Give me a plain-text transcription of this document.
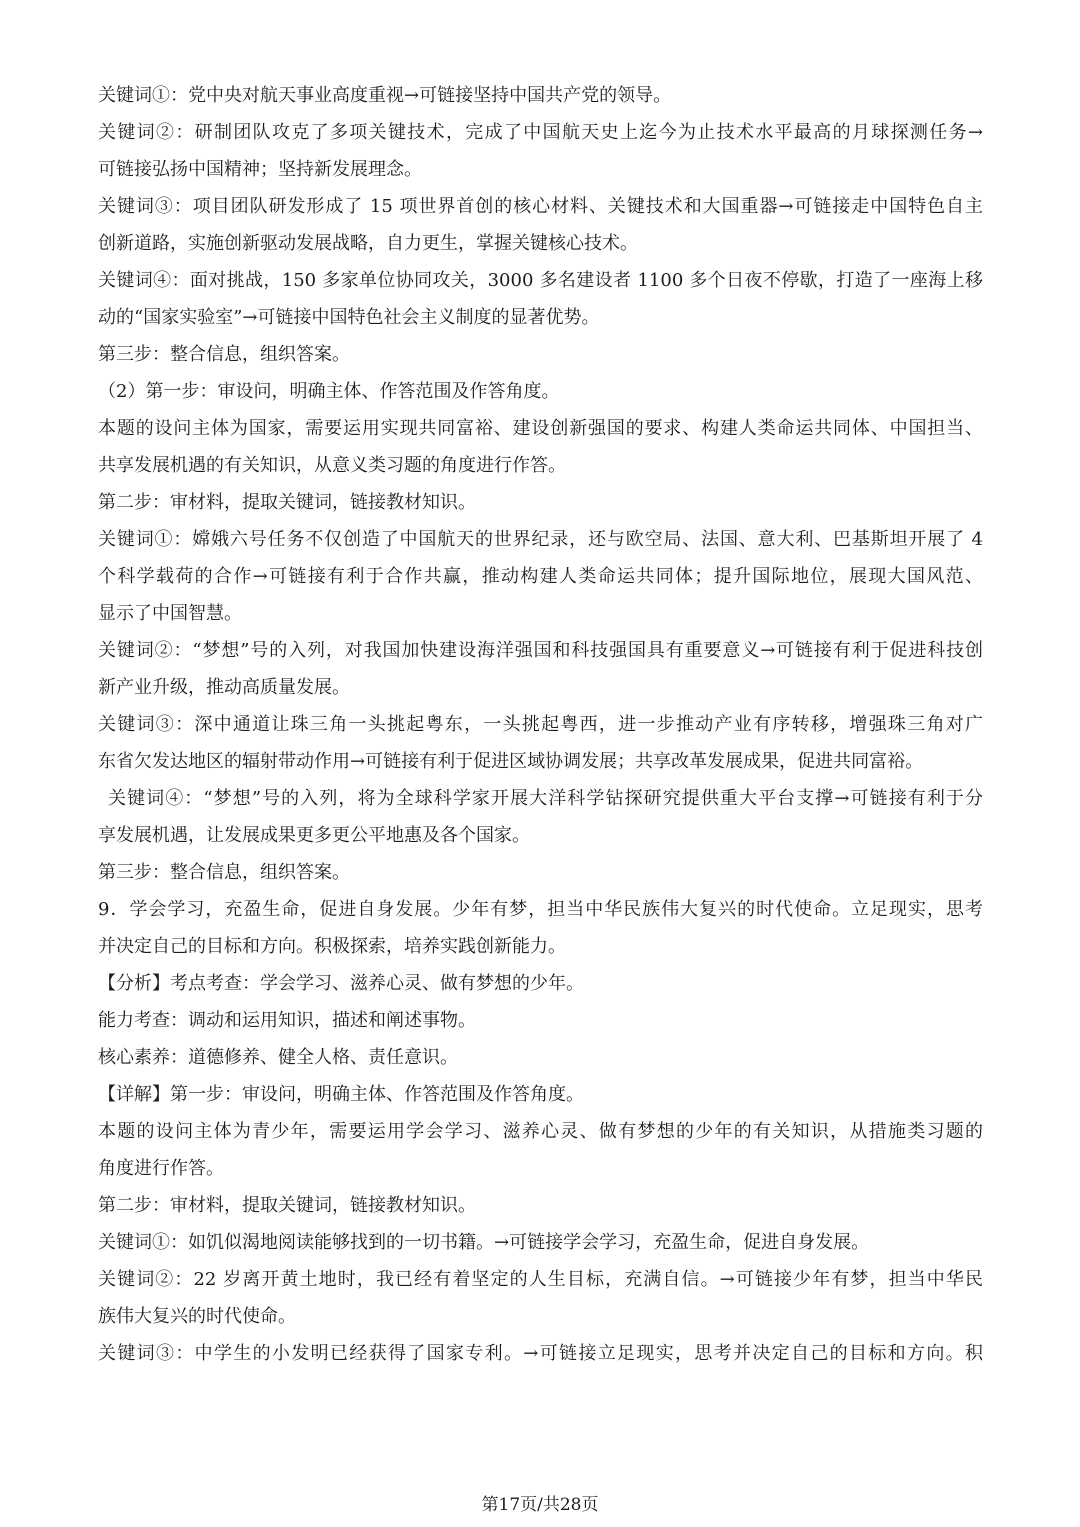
关键词①：党中央对航天事业高度重视→可链接坚持中国共产党的领导。
关键词②：研制团队攻克了多项关键技术，完成了中国航天史上迄今为止技术水平最高的月球探测任务→
可链接弘扬中国精神；坚持新发展理念。
关键词③：项目团队研发形成了 15 项世界首创的核心材料、关键技术和大国重器→可链接走中国特色自主
创新道路，实施创新驱动发展战略，自力更生，掌握关键核心技术。
关键词④：面对挑战，150 多家单位协同攻关，3000 多名建设者 1100 多个日夜不停歇，打造了一座海上移
动的“国家实验室”→可链接中国特色社会主义制度的显著优势。
第三步：整合信息，组织答案。
（2）第一步：审设问，明确主体、作答范围及作答角度。
本题的设问主体为国家，需要运用实现共同富裕、建设创新强国的要求、构建人类命运共同体、中国担当、
共享发展机遇的有关知识，从意义类习题的角度进行作答。
第二步：审材料，提取关键词，链接教材知识。
关键词①：嫦娥六号任务不仅创造了中国航天的世界纪录，还与欧空局、法国、意大利、巴基斯坦开展了 4
个科学载荷的合作→可链接有利于合作共赢，推动构建人类命运共同体；提升国际地位，展现大国风范、
显示了中国智慧。
关键词②：“梦想”号的入列，对我国加快建设海洋强国和科技强国具有重要意义→可链接有利于促进科技创
新产业升级，推动高质量发展。
关键词③：深中通道让珠三角一头挑起粤东，一头挑起粤西，进一步推动产业有序转移，增强珠三角对广
东省欠发达地区的辐射带动作用→可链接有利于促进区域协调发展；共享改革发展成果，促进共同富裕。
关键词④：“梦想”号的入列，将为全球科学家开展大洋科学钻探研究提供重大平台支撑→可链接有利于分
享发展机遇，让发展成果更多更公平地惠及各个国家。
第三步：整合信息，组织答案。
9．学会学习，充盈生命，促进自身发展。少年有梦，担当中华民族伟大复兴的时代使命。立足现实，思考
并决定自己的目标和方向。积极探索，培养实践创新能力。
【分析】考点考查：学会学习、滋养心灵、做有梦想的少年。
能力考查：调动和运用知识，描述和阐述事物。
核心素养：道德修养、健全人格、责任意识。
【详解】第一步：审设问，明确主体、作答范围及作答角度。
本题的设问主体为青少年，需要运用学会学习、滋养心灵、做有梦想的少年的有关知识，从措施类习题的
角度进行作答。
第二步：审材料，提取关键词，链接教材知识。
关键词①：如饥似渴地阅读能够找到的一切书籍。→可链接学会学习，充盈生命，促进自身发展。
关键词②：22 岁离开黄土地时，我已经有着坚定的人生目标，充满自信。→可链接少年有梦，担当中华民
族伟大复兴的时代使命。
关键词③：中学生的小发明已经获得了国家专利。→可链接立足现实，思考并决定自己的目标和方向。积
第17页/共28页
